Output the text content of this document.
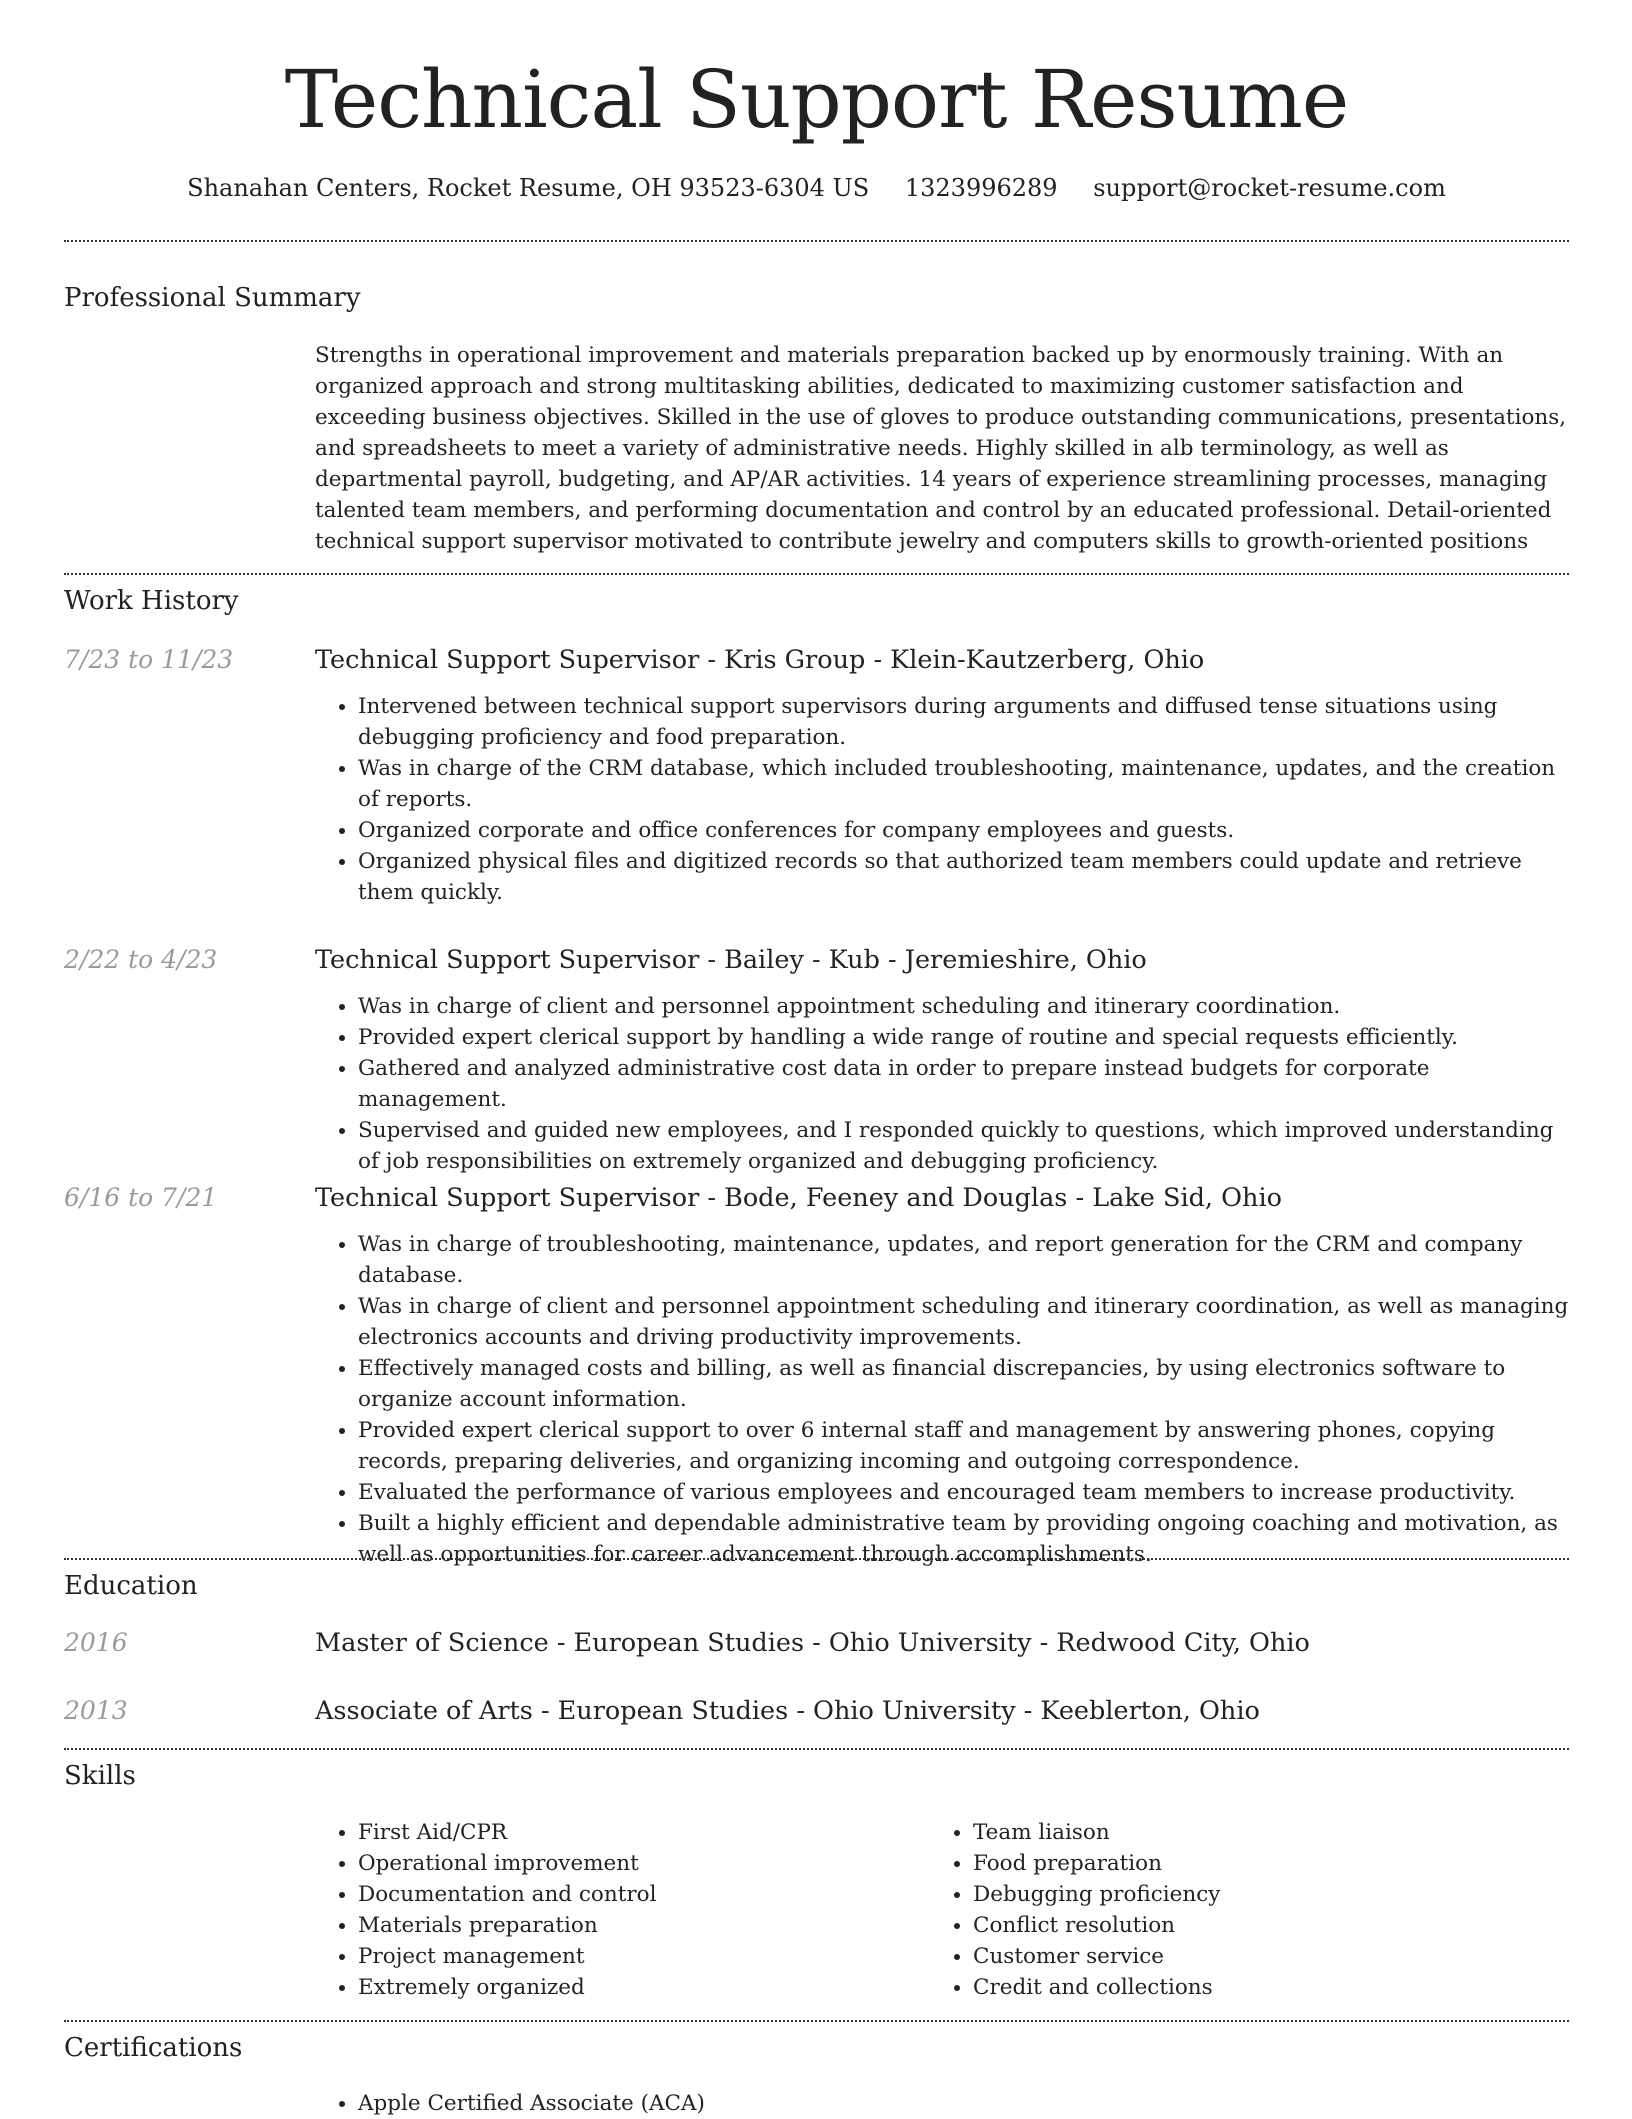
Technical Support Resume
Shanahan Centers, Rocket Resume, OH 93523-6304 US 1323996289 support@rocket-resume.com
Professional Summary

Strengths in operational improvement and materials preparation backed up by enormously training. With an organized approach and strong multitasking abilities, dedicated to maximizing customer satisfaction and exceeding business objectives. Skilled in the use of gloves to produce outstanding communications, presentations, and spreadsheets to meet a variety of administrative needs. Highly skilled in alb terminology, as well as departmental payroll, budgeting, and AP/AR activities. 14 years of experience streamlining processes, managing talented team members, and performing documentation and control by an educated professional. Detail-oriented technical support supervisor motivated to contribute jewelry and computers skills to growth-oriented positions

Work History
7/23 to 11/23	Technical Support Supervisor - Kris Group - Klein-Kautzerberg, Ohio

• Intervened between technical support supervisors during arguments and diffused tense situations using debugging proficiency and food preparation.
• Was in charge of the CRM database, which included troubleshooting, maintenance, updates, and the creation of reports.
• Organized corporate and office conferences for company employees and guests.
• Organized physical files and digitized records so that authorized team members could update and retrieve them quickly.
2/22 to 4/23	Technical Support Supervisor - Bailey - Kub - Jeremieshire, Ohio

• Was in charge of client and personnel appointment scheduling and itinerary coordination.
• Provided expert clerical support by handling a wide range of routine and special requests efficiently.
• Gathered and analyzed administrative cost data in order to prepare instead budgets for corporate management.
• Supervised and guided new employees, and I responded quickly to questions, which improved understanding of job responsibilities on extremely organized and debugging proficiency.
6/16 to 7/21	Technical Support Supervisor - Bode, Feeney and Douglas - Lake Sid, Ohio

• Was in charge of troubleshooting, maintenance, updates, and report generation for the CRM and company database.
• Was in charge of client and personnel appointment scheduling and itinerary coordination, as well as managing electronics accounts and driving productivity improvements.
• Effectively managed costs and billing, as well as financial discrepancies, by using electronics software to organize account information.
• Provided expert clerical support to over 6 internal staff and management by answering phones, copying records, preparing deliveries, and organizing incoming and outgoing correspondence.
• Evaluated the performance of various employees and encouraged team members to increase productivity.
• Built a highly efficient and dependable administrative team by providing ongoing coaching and motivation, as well as opportunities for career advancement through accomplishments.
Education
2016	Master of Science - European Studies - Ohio University - Redwood City, Ohio

2013	Associate of Arts - European Studies - Ohio University - Keeblerton, Ohio

Skills
• First Aid/CPR
• Operational improvement
• Documentation and control
• Materials preparation
• Project management
• Extremely organized
• Team liaison
• Food preparation
• Debugging proficiency
• Conflict resolution
• Customer service
• Credit and collections
Certifications
• Apple Certified Associate (ACA)
